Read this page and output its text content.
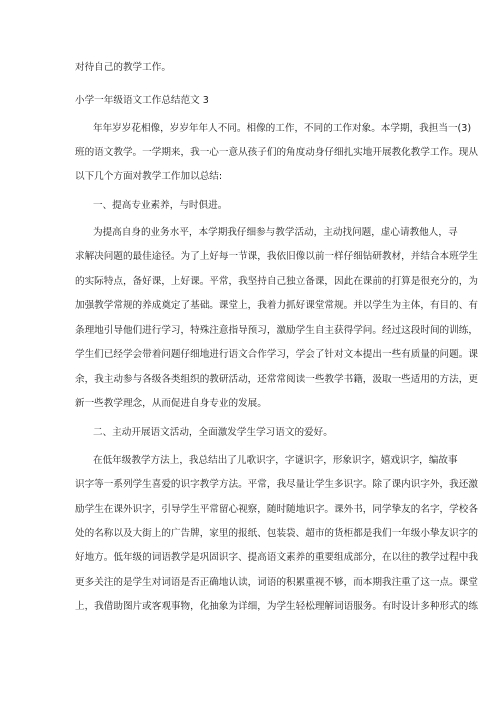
对待自己的教学工作。
小学一年级语文工作总结范文 3
年年岁岁花相像，岁岁年年人不同。相像的工作，不同的工作对象。本学期，我担当一(3)
班的语文教学。一学期来，我一心一意从孩子们的角度动身仔细扎实地开展教化教学工作。现从
以下几个方面对教学工作加以总结:
一、提高专业素养，与时俱进。
为提高自身的业务水平，本学期我仔细参与教学活动，主动找问题，虚心请教他人，寻
求解决问题的最佳途径。为了上好每一节课，我依旧像以前一样仔细钻研教材，并结合本班学生
的实际特点，备好课，上好课。平常，我坚持自己独立备课，因此在课前的打算是很充分的，为
加强教学常规的养成奠定了基础。课堂上，我着力抓好课堂常规。并以学生为主体，有目的、有
条理地引导他们进行学习，特殊注意指导预习，激励学生自主获得学问。经过这段时间的训练，
学生们已经学会带着问题仔细地进行语文合作学习，学会了针对文本提出一些有质量的问题。课
余，我主动参与各级各类组织的教研活动，还常常阅读一些教学书籍，汲取一些适用的方法，更
新一些教学理念，从而促进自身专业的发展。
二、主动开展语文活动，全面激发学生学习语文的爱好。
在低年级教学方法上，我总结出了儿歌识字，字谜识字，形象识字，嬉戏识字，编故事
识字等一系列学生喜爱的识字教学方法。平常，我尽量让学生多识字。除了课内识字外，我还激
励学生在课外识字，引导学生平常留心视察，随时随地识字。课外书，同学挚友的名字，学校各
处的名称以及大街上的广告牌，家里的报纸、包装袋、超市的货柜都是我们一年级小挚友识字的
好地方。低年级的词语教学是巩固识字、提高语文素养的重要组成部分，在以往的教学过程中我
更多关注的是学生对词语是否正确地认读，词语的积累重视不够，而本期我注重了这一点。课堂
上，我借助图片或客观事物，化抽象为详细，为学生轻松理解词语服务。有时设计多种形式的练
